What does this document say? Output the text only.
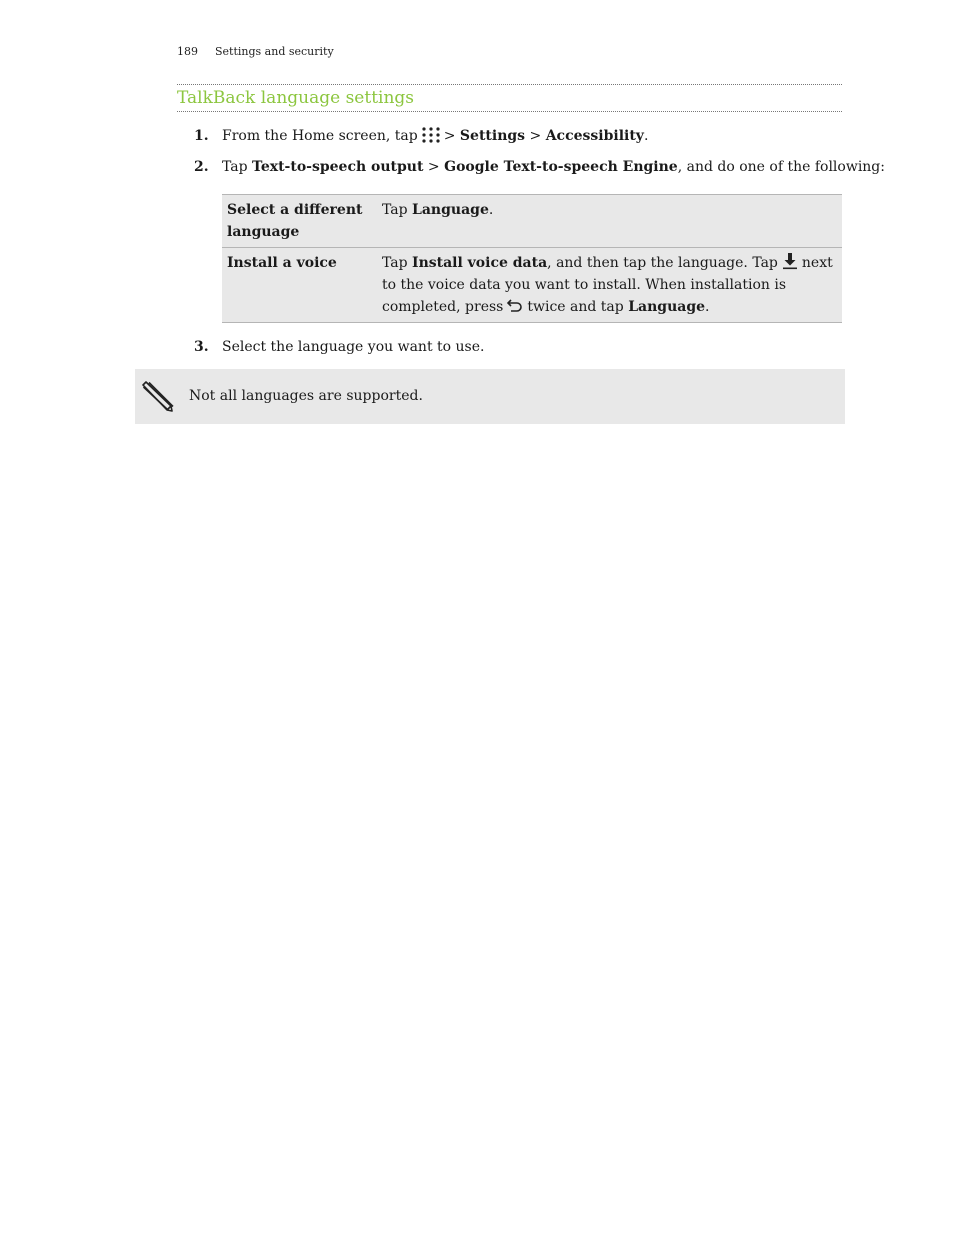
189 Settings and security
TalkBack language settings
1. From the Home screen, tap > Settings > Accessibility.
2. Tap Text-to-speech output > Google Text-to-speech Engine, and do one of the following:
Select a different language	Tap Language.
Install a voice	Tap Install voice data, and then tap the language. Tap next to the voice data you want to install. When installation is completed, press twice and tap Language.
3. Select the language you want to use.
Not all languages are supported.
